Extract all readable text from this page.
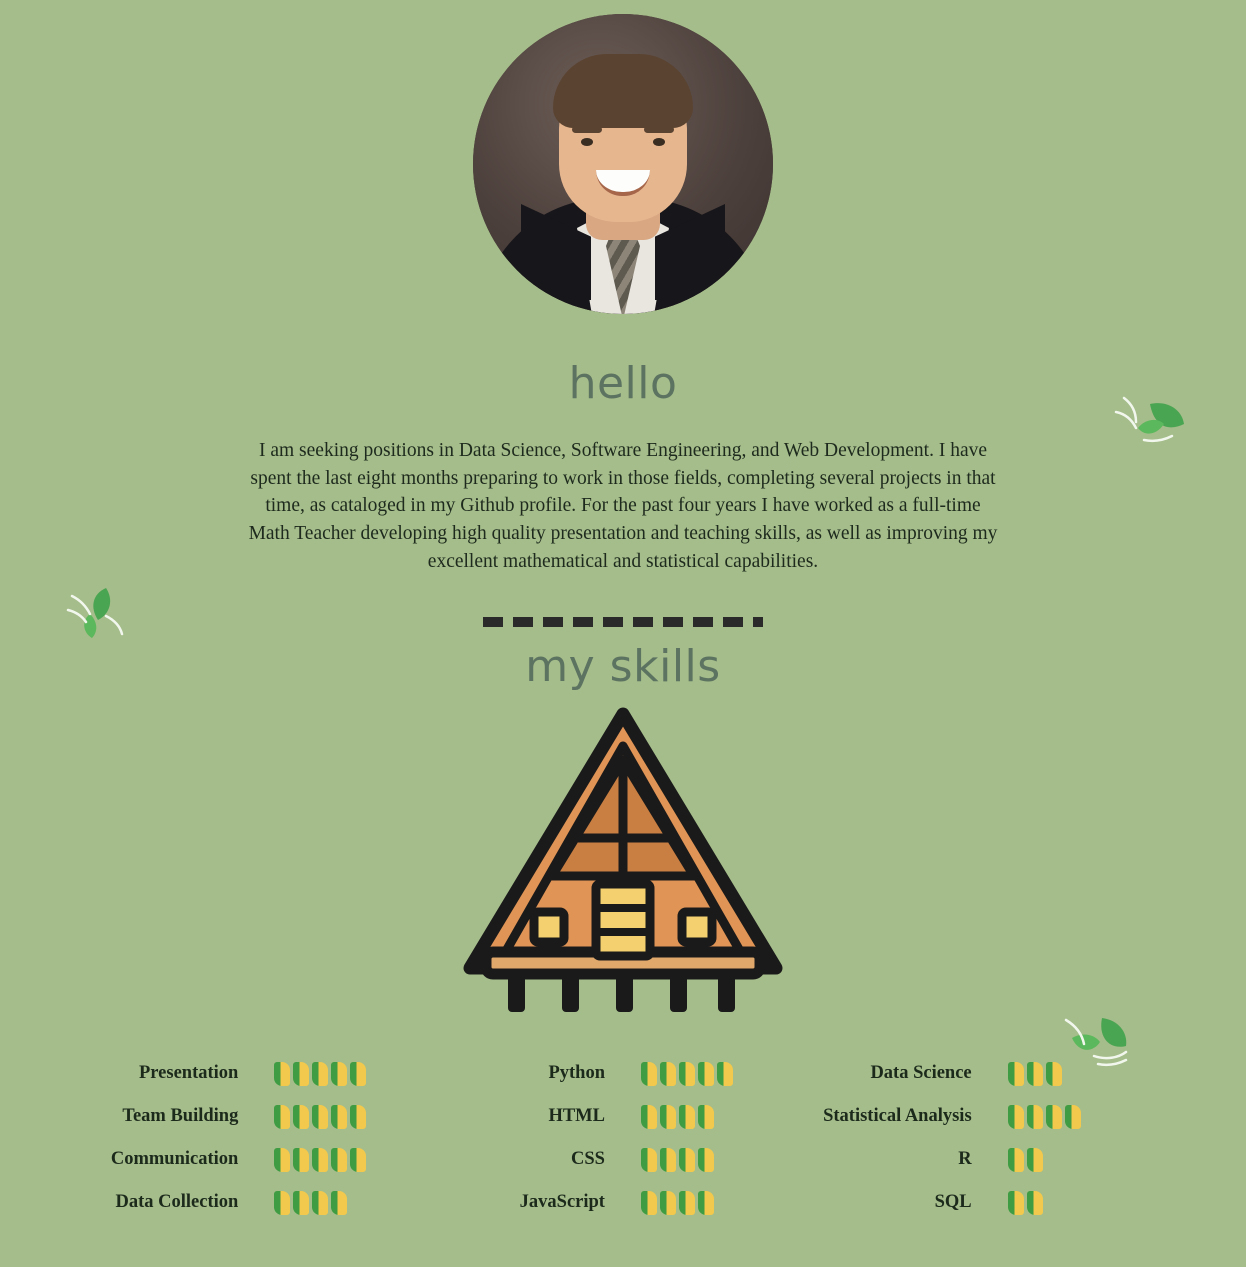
hello

I am seeking positions in Data Science, Software Engineering, and Web Development. I have spent the last eight months preparing to work in those fields, completing several projects in that time, as cataloged in my Github profile. For the past four years I have worked as a full-time Math Teacher developing high quality presentation and teaching skills, as well as improving my excellent mathematical and statistical capabilities.

my skills
Presentation
Team Building
Communication
Data Collection
Python
HTML
CSS
JavaScript
Data Science
Statistical Analysis
R
SQL
